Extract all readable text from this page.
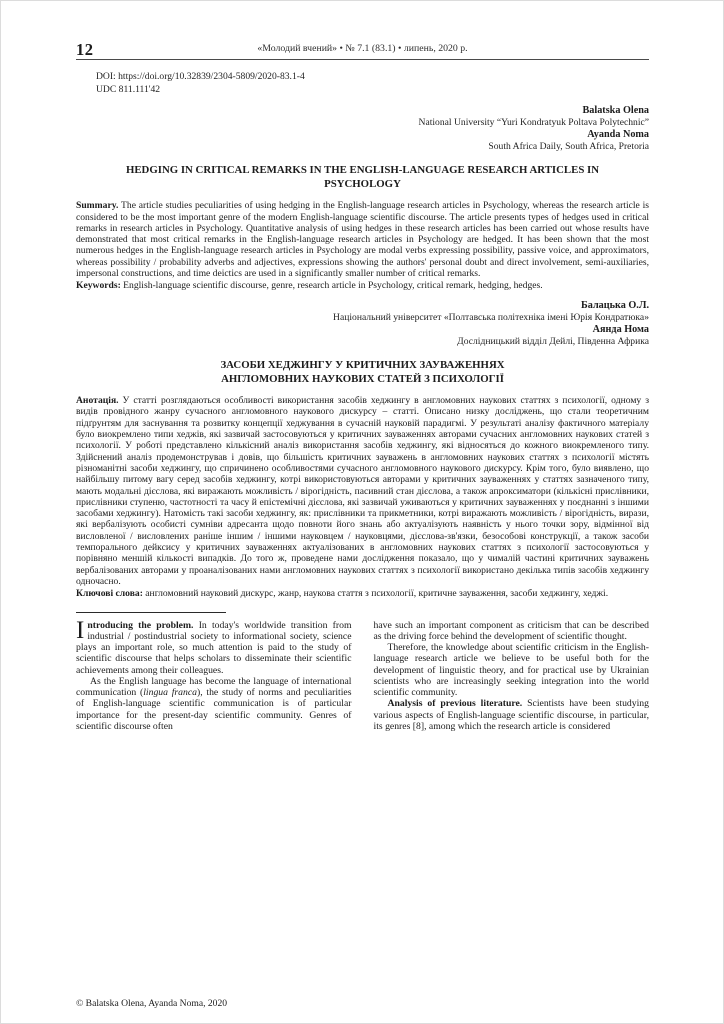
12	«Молодий вчений» • № 7.1 (83.1) • липень, 2020 р.
DOI: https://doi.org/10.32839/2304-5809/2020-83.1-4
UDC 811.111'42
Balatska Olena
National University “Yuri Kondratyuk Poltava Polytechnic”
Ayanda Noma
South Africa Daily, South Africa, Pretoria
HEDGING IN CRITICAL REMARKS IN THE ENGLISH-LANGUAGE RESEARCH ARTICLES IN PSYCHOLOGY

Summary. The article studies peculiarities of using hedging in the English-language research articles in Psychology, whereas the research article is considered to be the most important genre of the modern English-language scientific discourse. The article presents types of hedges used in critical remarks in research articles in Psychology. Quantitative analysis of using hedges in these research articles has been carried out whose results have demonstrated that most critical remarks in the English-language research articles in Psychology are hedged. It has been shown that the most numerous hedges in the English-language research articles in Psychology are modal verbs expressing possibility, passive voice, and approximators, whereas possibility / probability adverbs and adjectives, expressions showing the authors' personal doubt and direct involvement, semi-auxiliaries, impersonal constructions, and time deictics are used in a significantly smaller number of critical remarks.

Keywords: English-language scientific discourse, genre, research article in Psychology, critical remark, hedging, hedges.

Балацька О.Л.
Національний університет «Полтавська політехніка імені Юрія Кондратюка»
Аянда Нома
Дослідницький відділ Дейлі, Південна Африка
ЗАСОБИ ХЕДЖИНГУ У КРИТИЧНИХ ЗАУВАЖЕННЯХ АНГЛОМОВНИХ НАУКОВИХ СТАТЕЙ З ПСИХОЛОГІЇ

Анотація. У статті розглядаються особливості використання засобів хеджингу в англомовних наукових статтях з психології, одному з видів провідного жанру сучасного англомовного наукового дискурсу – статті. Описано низку досліджень, що стали теоретичним підґрунтям для заснування та розвитку концепції хеджування в сучасній науковій парадигмі. У результаті аналізу фактичного матеріалу було виокремлено типи хеджів, які зазвичай застосовуються у критичних зауваженнях авторами сучасних англомовних наукових статей з психології. У роботі представлено кількісний аналіз використання засобів хеджингу, які відносяться до кожного виокремленого типу. Здійснений аналіз продемонстрував і довів, що більшість критичних зауважень в англомовних наукових статтях з психології містять різноманітні засоби хеджингу, що спричинено особливостями сучасного англомовного наукового дискурсу. Крім того, було виявлено, що найбільшу питому вагу серед засобів хеджингу, котрі використовуються авторами у критичних зауваженнях у статтях зазначеного типу, мають модальні дієслова, які виражають можливість / вірогідність, пасивний стан дієслова, а також апроксиматори (кількісні прислівники, прислівники ступеню, частотності та часу й епістемічні дієслова, які зазвичай уживаються у критичних зауваженнях у поєднанні з іншими засобами хеджингу). Натомість такі засоби хеджингу, як: прислівники та прикметники, котрі виражають можливість / вірогідність, вирази, які вербалізують особисті сумніви адресанта щодо повноти його знань або актуалізують наявність у нього точки зору, відмінної від висловленої / висловлених раніше іншим / іншими науковцем / науковцями, дієслова-зв'язки, безособові конструкції, а також засоби темпорального дейксису у критичних зауваженнях актуалізованих в англомовних наукових статтях з психології застосовуються у порівняно меншій кількості випадків. До того ж, проведене нами дослідження показало, що у чималій частині критичних зауважень вербалізованих авторами у проаналізованих нами англомовних наукових статтях з психології використано декілька типів засобів хеджингу одночасно.

Ключові слова: англомовний науковий дискурс, жанр, наукова стаття з психології, критичне зауваження, засоби хеджингу, хеджі.

Introducing the problem. In today's worldwide transition from industrial / postindustrial society to informational society, science plays an important role, so much attention is paid to the study of scientific discourse that helps scholars to disseminate their scientific achievements among their colleagues.

As the English language has become the language of international communication (lingua franca), the study of norms and peculiarities of English-language scientific communication is of particular importance for the present-day scientific community. Genres of scientific discourse often

have such an important component as criticism that can be described as the driving force behind the development of scientific thought.

Therefore, the knowledge about scientific criticism in the English-language research article we believe to be useful both for the development of linguistic theory, and for practical use by Ukrainian scientists who are increasingly seeking integration into the world scientific community.

Analysis of previous literature. Scientists have been studying various aspects of English-language scientific discourse, in particular, its genres [8], among which the research article is considered

© Balatska Olena, Ayanda Noma, 2020
